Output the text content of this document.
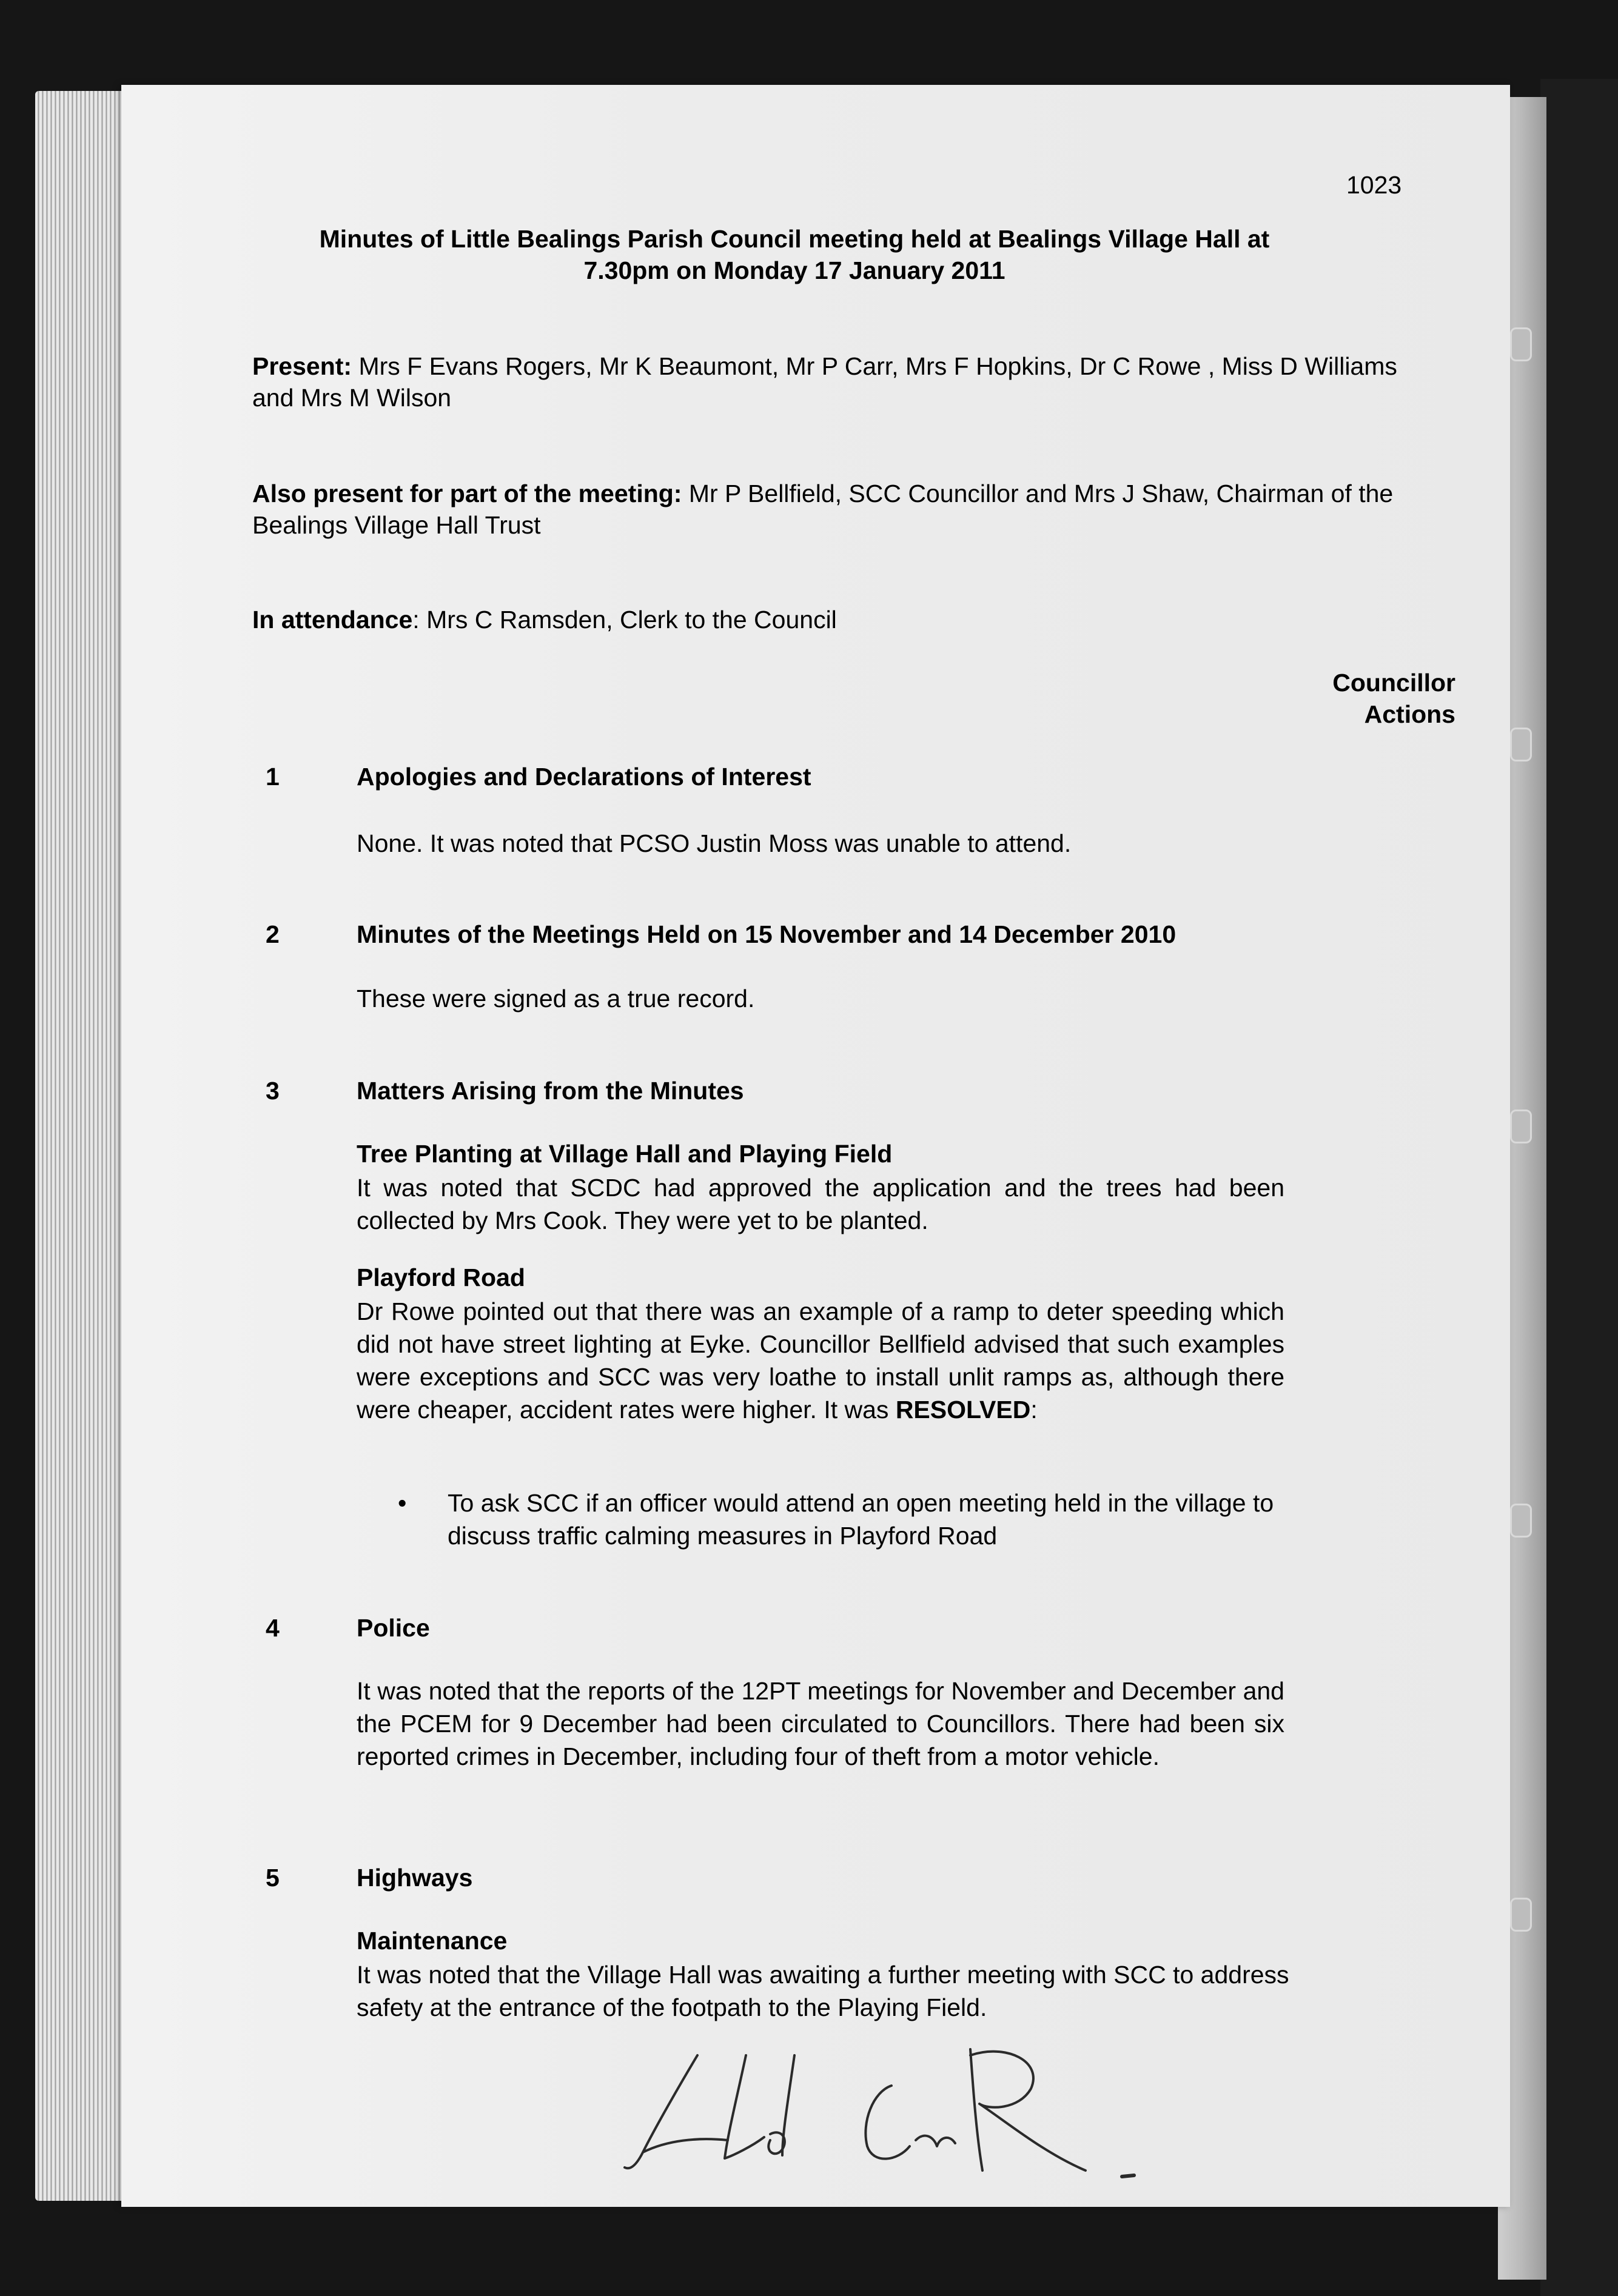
1023
Minutes of Little Bealings Parish Council meeting held at Bealings Village Hall at
7.30pm on Monday 17 January 2011
Present: Mrs F Evans Rogers, Mr K Beaumont, Mr P Carr, Mrs F Hopkins, Dr C Rowe , Miss D Williams and Mrs M Wilson
Also present for part of the meeting: Mr P Bellfield, SCC Councillor and Mrs J Shaw, Chairman of the Bealings Village Hall Trust
In attendance: Mrs C Ramsden, Clerk to the Council
Councillor
Actions
1	Apologies and Declarations of Interest
None. It was noted that PCSO Justin Moss was unable to attend.
2	Minutes of the Meetings Held on 15 November and 14 December 2010
These were signed as a true record.
3	Matters Arising from the Minutes
Tree Planting at Village Hall and Playing Field
It was noted that SCDC had approved the application and the trees had been collected by Mrs Cook. They were yet to be planted.
Playford Road
Dr Rowe pointed out that there was an example of a ramp to deter speeding which did not have street lighting at Eyke. Councillor Bellfield advised that such examples were exceptions and SCC was very loathe to install unlit ramps as, although there were cheaper, accident rates were higher. It was RESOLVED:
• To ask SCC if an officer would attend an open meeting held in the village to discuss traffic calming measures in Playford Road
4	Police
It was noted that the reports of the 12PT meetings for November and December and the PCEM for 9 December had been circulated to Councillors. There had been six reported crimes in December, including four of theft from a motor vehicle.
5	Highways
Maintenance
It was noted that the Village Hall was awaiting a further meeting with SCC to address safety at the entrance of the footpath to the Playing Field.
